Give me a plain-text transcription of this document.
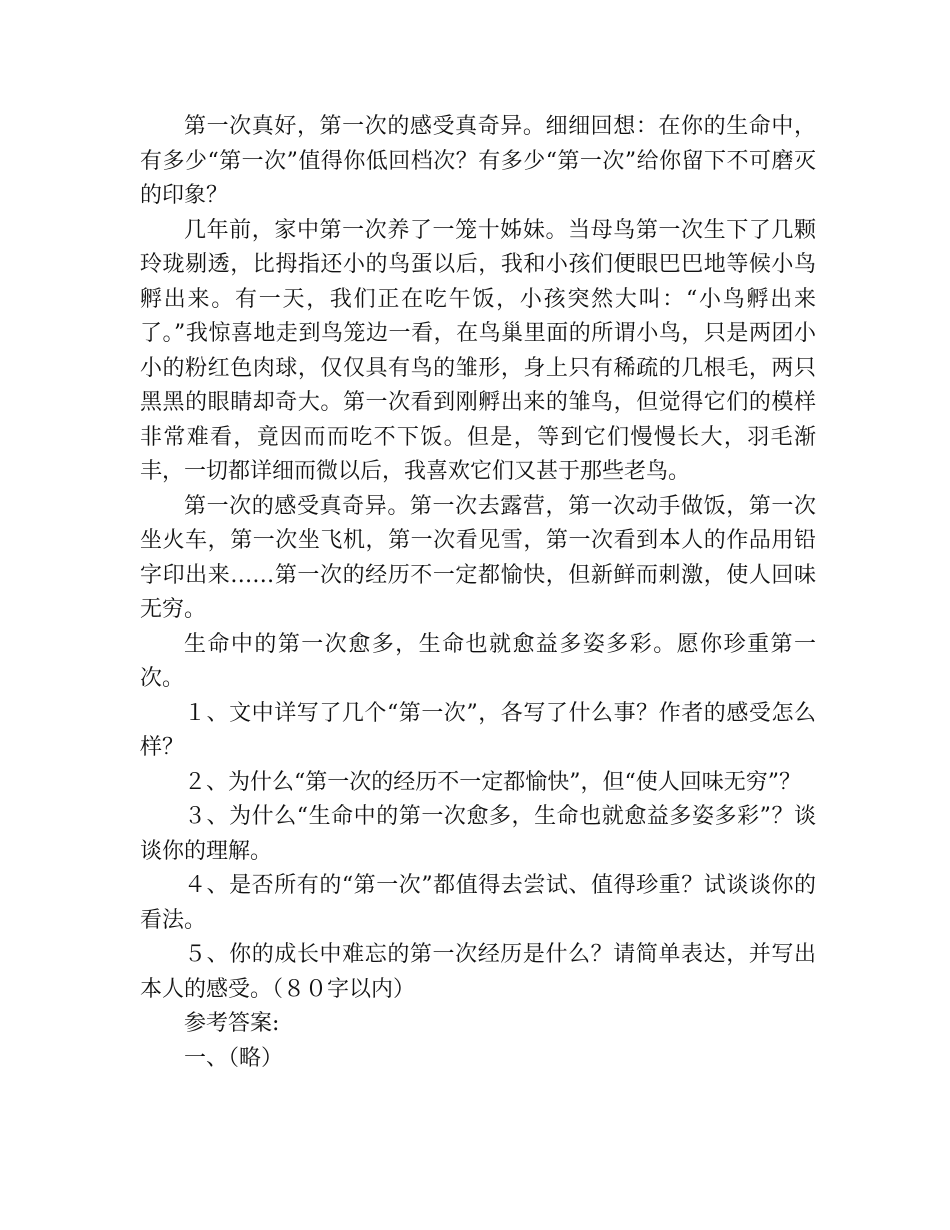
第一次真好，第一次的感受真奇异。细细回想：在你的生命中，有多少“第一次”值得你低回档次？有多少“第一次”给你留下不可磨灭的印象？

几年前，家中第一次养了一笼十姊妹。当母鸟第一次生下了几颗玲珑剔透，比拇指还小的鸟蛋以后，我和小孩们便眼巴巴地等候小鸟孵出来。有一天，我们正在吃午饭，小孩突然大叫：“小鸟孵出来了。”我惊喜地走到鸟笼边一看，在鸟巢里面的所谓小鸟，只是两团小小的粉红色肉球，仅仅具有鸟的雏形，身上只有稀疏的几根毛，两只黑黑的眼睛却奇大。第一次看到刚孵出来的雏鸟，但觉得它们的模样非常难看，竟因而而吃不下饭。但是，等到它们慢慢长大，羽毛渐丰，一切都详细而微以后，我喜欢它们又甚于那些老鸟。

第一次的感受真奇异。第一次去露营，第一次动手做饭，第一次坐火车，第一次坐飞机，第一次看见雪，第一次看到本人的作品用铅字印出来……第一次的经历不一定都愉快，但新鲜而刺激，使人回味无穷。

生命中的第一次愈多，生命也就愈益多姿多彩。愿你珍重第一次。

１、文中详写了几个“第一次”，各写了什么事？作者的感受怎么样？

２、为什么“第一次的经历不一定都愉快”，但“使人回味无穷”？

３、为什么“生命中的第一次愈多，生命也就愈益多姿多彩”？谈谈你的理解。

４、是否所有的“第一次”都值得去尝试、值得珍重？试谈谈你的看法。

５、你的成长中难忘的第一次经历是什么？请简单表达，并写出本人的感受。（８０字以内）

参考答案:

一、（略）
